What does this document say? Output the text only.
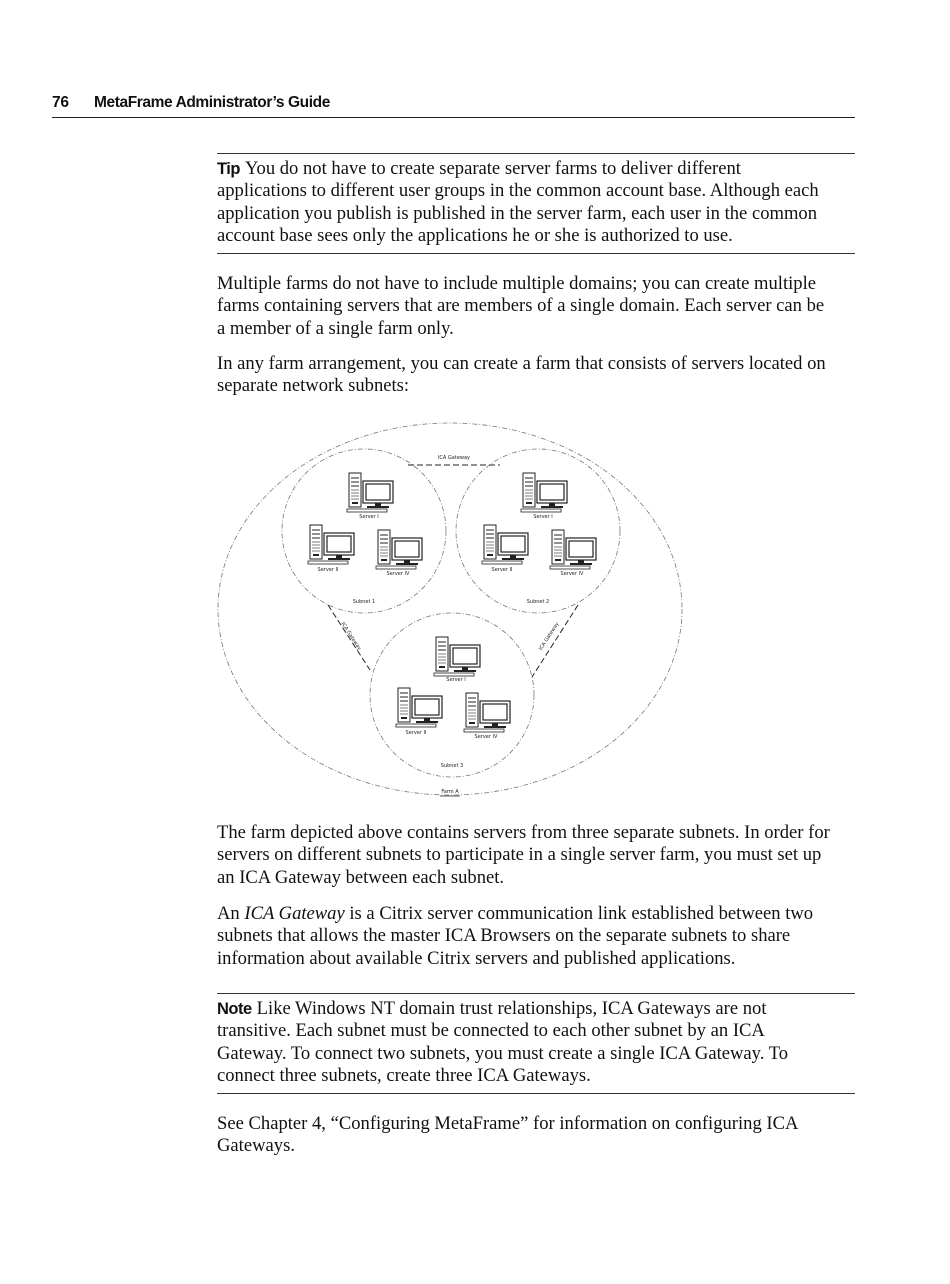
76 MetaFrame Administrator’s Guide

Tip You do not have to create separate server farms to deliver different

applications to different user groups in the common account base. Although each

application you publish is published in the server farm, each user in the common

account base sees only the applications he or she is authorized to use.

Multiple farms do not have to include multiple domains; you can create multiple

farms containing servers that are members of a single domain. Each server can be

a member of a single farm only.

In any farm arrangement, you can create a farm that consists of servers located on

separate network subnets:

ICA Gateway
ICA Gateway	ICA Gateway
Server I
Server II
Server IV
Subnet 1
Server I
Server II
Server IV
Subnet 2
Server I
Server II
Server IV
Subnet 3
Farm A

The farm depicted above contains servers from three separate subnets. In order for

servers on different subnets to participate in a single server farm, you must set up

an ICA Gateway between each subnet.

An ICA Gateway is a Citrix server communication link established between two

subnets that allows the master ICA Browsers on the separate subnets to share

information about available Citrix servers and published applications.

Note Like Windows NT domain trust relationships, ICA Gateways are not

transitive. Each subnet must be connected to each other subnet by an ICA

Gateway. To connect two subnets, you must create a single ICA Gateway. To

connect three subnets, create three ICA Gateways.

See Chapter 4, “Configuring MetaFrame” for information on configuring ICA

Gateways.
